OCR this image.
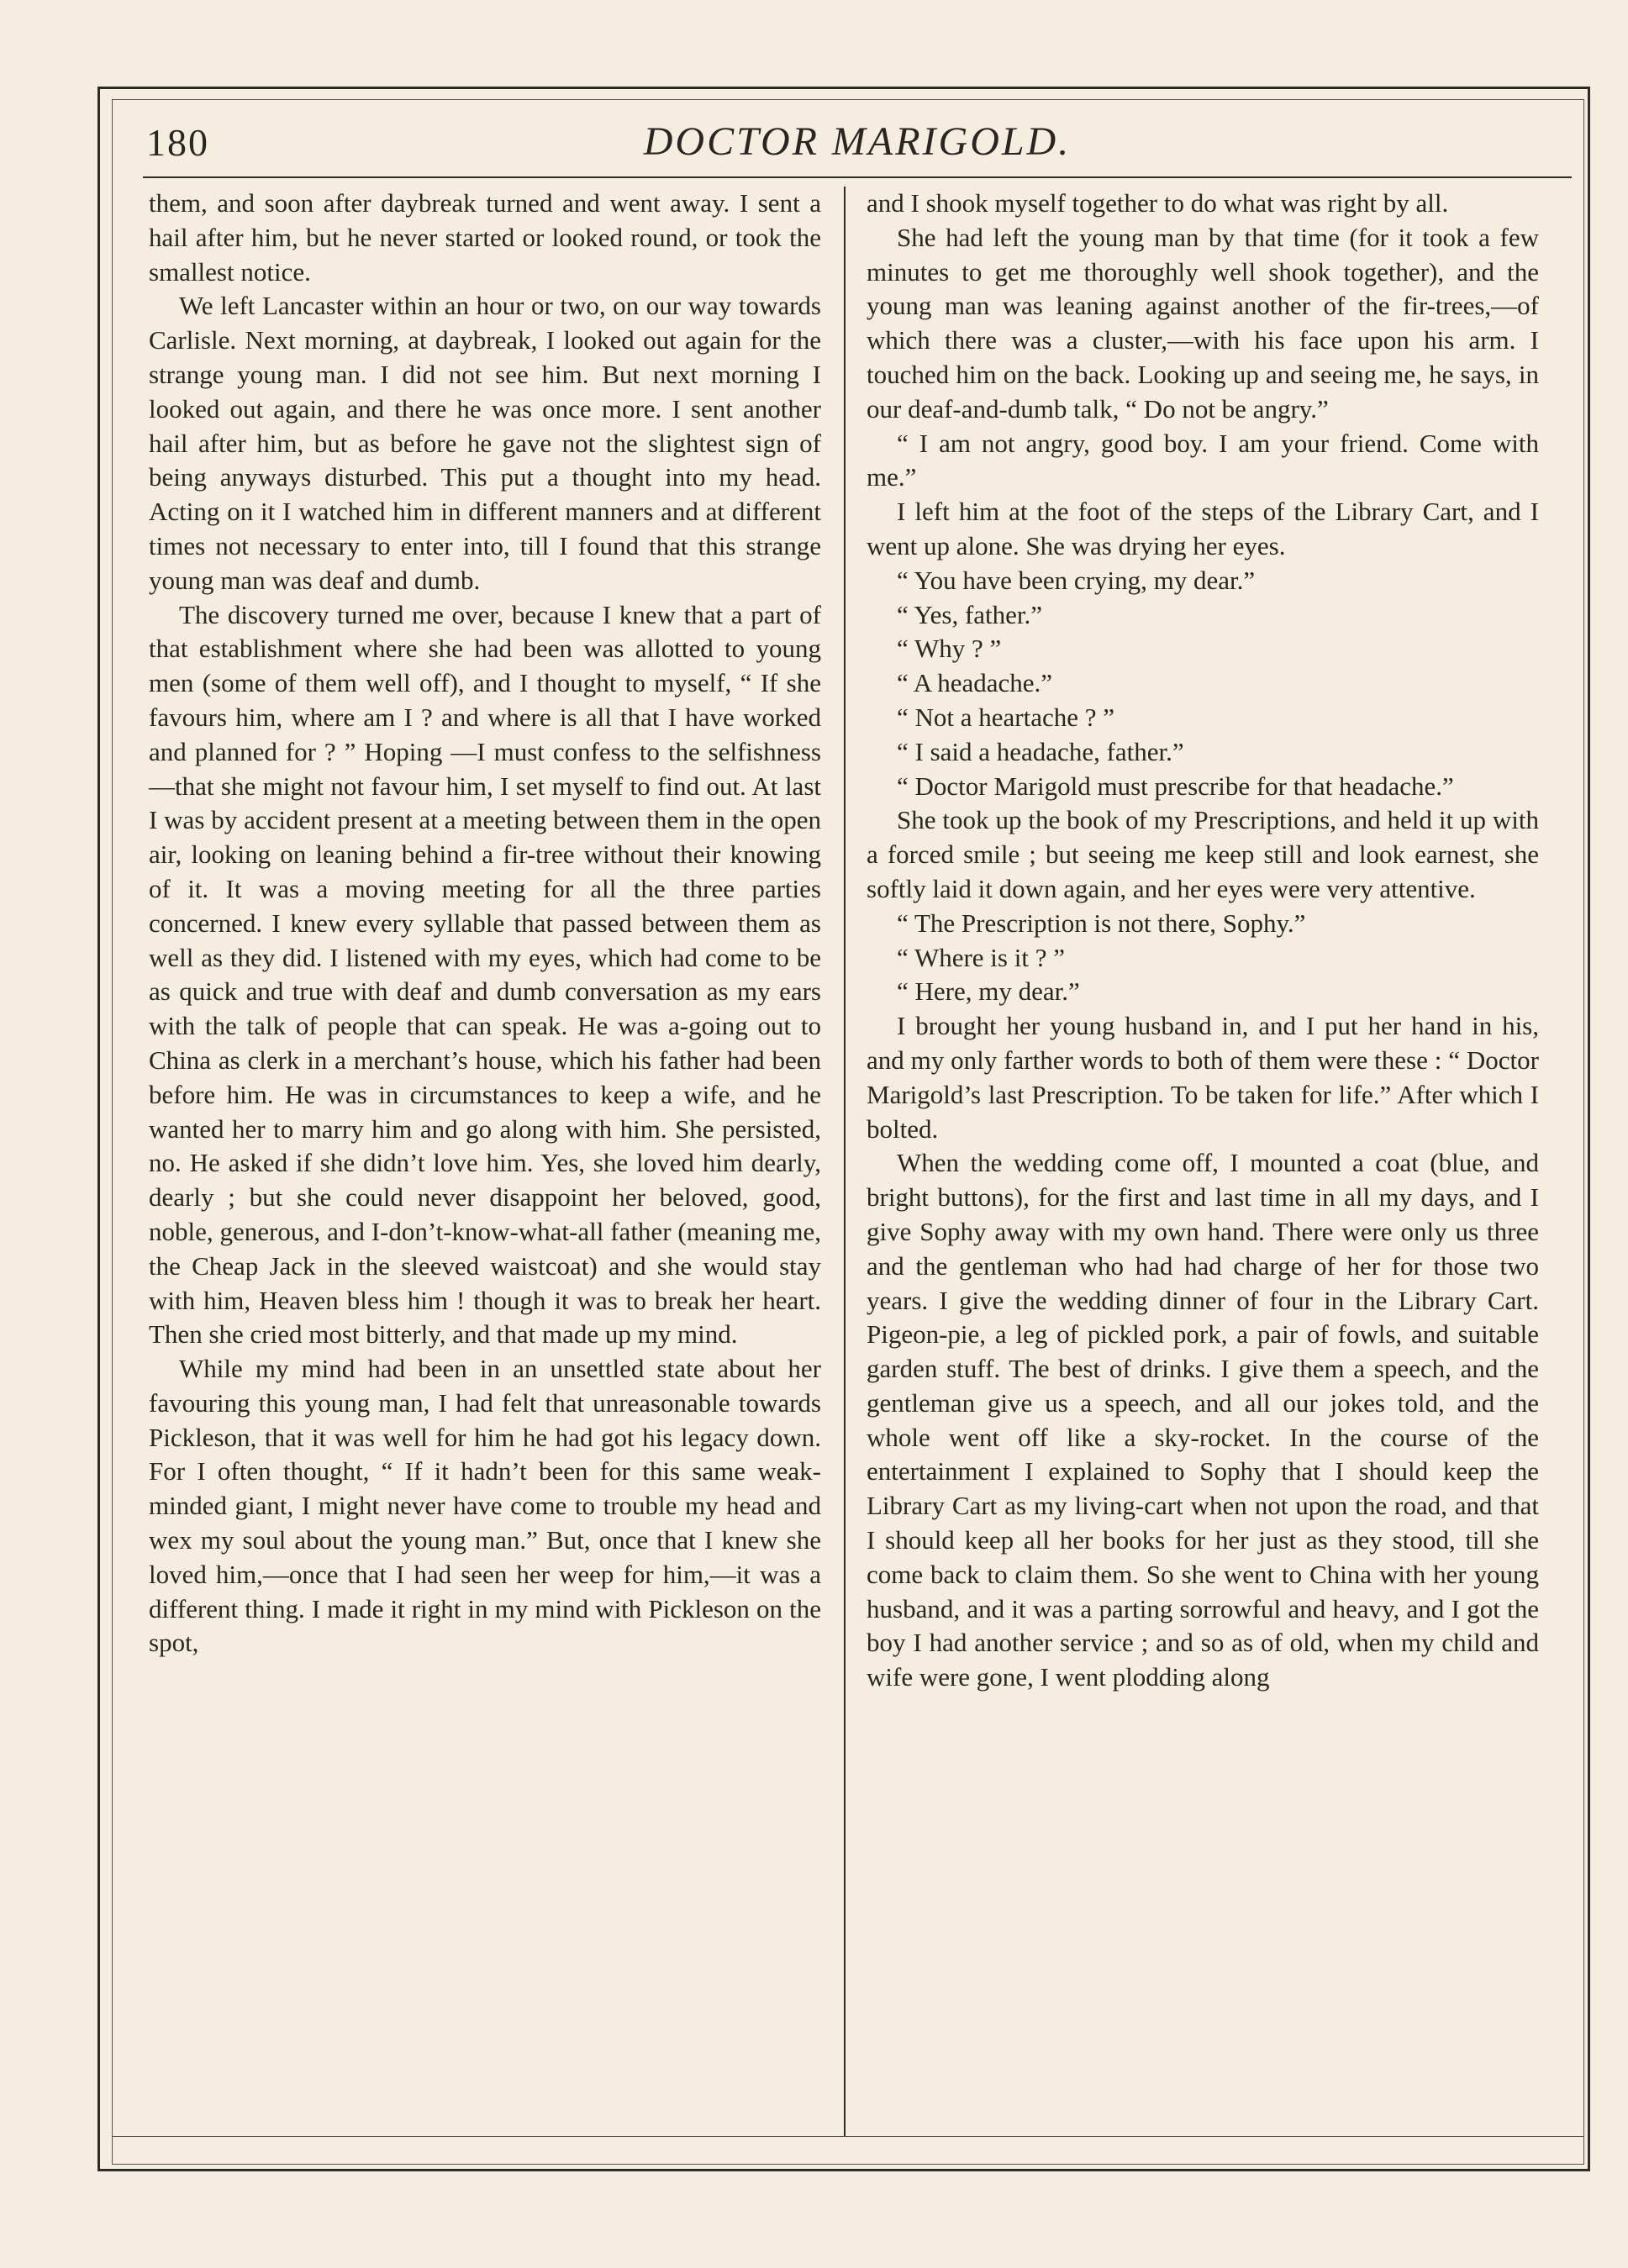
180	DOCTOR MARIGOLD.

them, and soon after daybreak turned and went away. I sent a hail after him, but he never started or looked round, or took the smallest notice.

We left Lancaster within an hour or two, on our way towards Carlisle. Next morning, at daybreak, I looked out again for the strange young man. I did not see him. But next morning I looked out again, and there he was once more. I sent another hail after him, but as before he gave not the slightest sign of being anyways disturbed. This put a thought into my head. Acting on it I watched him in different manners and at different times not necessary to enter into, till I found that this strange young man was deaf and dumb.

The discovery turned me over, because I knew that a part of that establishment where she had been was allotted to young men (some of them well off), and I thought to myself, “ If she favours him, where am I ? and where is all that I have worked and planned for ? ” Hoping —I must confess to the selfishness—that she might not favour him, I set myself to find out. At last I was by accident present at a meeting between them in the open air, looking on leaning behind a fir-tree without their knowing of it. It was a moving meeting for all the three parties concerned. I knew every syllable that passed between them as well as they did. I listened with my eyes, which had come to be as quick and true with deaf and dumb conversation as my ears with the talk of people that can speak. He was a-going out to China as clerk in a merchant’s house, which his father had been before him. He was in circumstances to keep a wife, and he wanted her to marry him and go along with him. She persisted, no. He asked if she didn’t love him. Yes, she loved him dearly, dearly ; but she could never disappoint her beloved, good, noble, generous, and I-don’t-know-what-all father (meaning me, the Cheap Jack in the sleeved waistcoat) and she would stay with him, Heaven bless him ! though it was to break her heart. Then she cried most bitterly, and that made up my mind.

While my mind had been in an unsettled state about her favouring this young man, I had felt that unreasonable towards Pickleson, that it was well for him he had got his legacy down. For I often thought, “ If it hadn’t been for this same weak-minded giant, I might never have come to trouble my head and wex my soul about the young man.” But, once that I knew she loved him,—once that I had seen her weep for him,—it was a different thing. I made it right in my mind with Pickleson on the spot,

and I shook myself together to do what was right by all.

She had left the young man by that time (for it took a few minutes to get me thoroughly well shook together), and the young man was leaning against another of the fir-trees,—of which there was a cluster,—with his face upon his arm. I touched him on the back. Looking up and seeing me, he says, in our deaf-and-dumb talk, “ Do not be angry.”

“ I am not angry, good boy. I am your friend. Come with me.”

I left him at the foot of the steps of the Library Cart, and I went up alone. She was drying her eyes.

“ You have been crying, my dear.”

“ Yes, father.”

“ Why ? ”

“ A headache.”

“ Not a heartache ? ”

“ I said a headache, father.”

“ Doctor Marigold must prescribe for that headache.”

She took up the book of my Prescriptions, and held it up with a forced smile ; but seeing me keep still and look earnest, she softly laid it down again, and her eyes were very attentive.

“ The Prescription is not there, Sophy.”

“ Where is it ? ”

“ Here, my dear.”

I brought her young husband in, and I put her hand in his, and my only farther words to both of them were these : “ Doctor Marigold’s last Prescription. To be taken for life.” After which I bolted.

When the wedding come off, I mounted a coat (blue, and bright buttons), for the first and last time in all my days, and I give Sophy away with my own hand. There were only us three and the gentleman who had had charge of her for those two years. I give the wedding dinner of four in the Library Cart. Pigeon-pie, a leg of pickled pork, a pair of fowls, and suitable garden stuff. The best of drinks. I give them a speech, and the gentleman give us a speech, and all our jokes told, and the whole went off like a sky-rocket. In the course of the entertainment I explained to Sophy that I should keep the Library Cart as my living-cart when not upon the road, and that I should keep all her books for her just as they stood, till she come back to claim them. So she went to China with her young husband, and it was a parting sorrowful and heavy, and I got the boy I had another service ; and so as of old, when my child and wife were gone, I went plodding along
